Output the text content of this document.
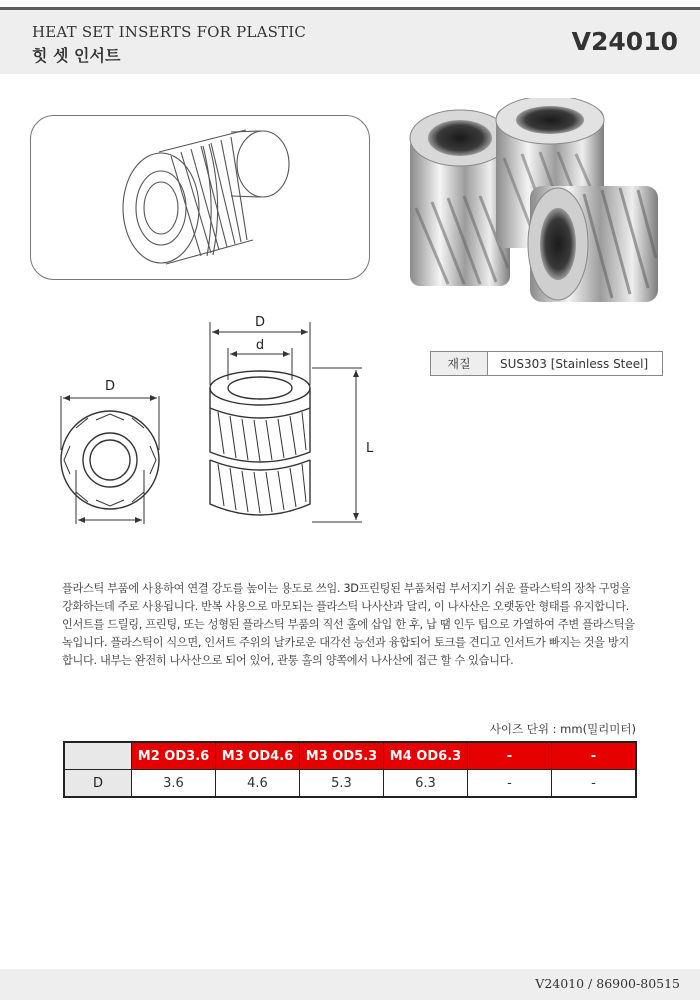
HEAT SET INSERTS FOR PLASTIC
힛 셋 인서트	V24010
D
D
d
L
재질	SUS303 [Stainless Steel]
플라스틱 부품에 사용하여 연결 강도를 높이는 용도로 쓰임. 3D프린팅된 부품처럼 부서지기 쉬운 플라스틱의 장착 구멍을
강화하는데 주로 사용됩니다. 반복 사용으로 마모되는 플라스틱 나사산과 달리, 이 나사산은 오랫동안 형태를 유지합니다.
인서트를 드릴링, 프린팅, 또는 성형된 플라스틱 부품의 직선 홀에 삽입 한 후, 납 땜 인두 팁으로 가열하여 주변 플라스틱을
녹입니다. 플라스틱이 식으면, 인서트 주위의 날카로운 대각선 능선과 융합되어 토크를 견디고 인서트가 빠지는 것을 방지
합니다. 내부는 완전히 나사산으로 되어 있어, 관통 홀의 양쪽에서 나사산에 접근 할 수 있습니다.
사이즈 단위 : mm(밀리미터)
	M2 OD3.6	M3 OD4.6	M3 OD5.3	M4 OD6.3	-	-
D	3.6	4.6	5.3	6.3	-	-
V24010 / 86900-80515
